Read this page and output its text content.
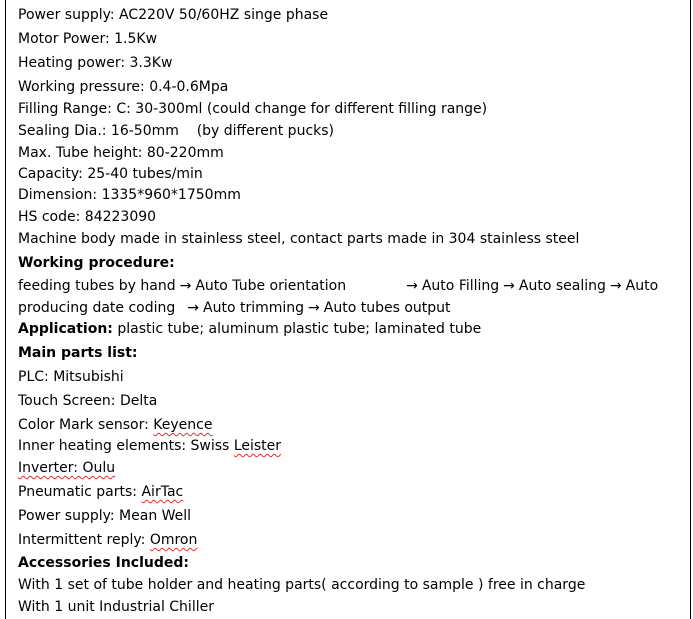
Power supply: AC220V 50/60HZ singe phase
Motor Power: 1.5Kw
Heating power: 3.3Kw
Working pressure: 0.4-0.6Mpa
Filling Range: C: 30-300ml (could change for different filling range)
Sealing Dia.: 16-50mm    (by different pucks)
Max. Tube height: 80-220mm
Capacity: 25-40 tubes/min
Dimension: 1335*960*1750mm
HS code: 84223090
Machine body made in stainless steel, contact parts made in 304 stainless steel
Working procedure:
feeding tubes by hand → Auto Tube orientation	→ Auto Filling → Auto sealing → Auto
producing date coding → Auto trimming → Auto tubes output
Application: plastic tube; aluminum plastic tube; laminated tube
Main parts list:
PLC: Mitsubishi
Touch Screen: Delta
Color Mark sensor: Keyence
Inner heating elements: Swiss Leister
Inverter: Oulu
Pneumatic parts: AirTac
Power supply: Mean Well
Intermittent reply: Omron
Accessories Included:
With 1 set of tube holder and heating parts( according to sample ) free in charge
With 1 unit Industrial Chiller
